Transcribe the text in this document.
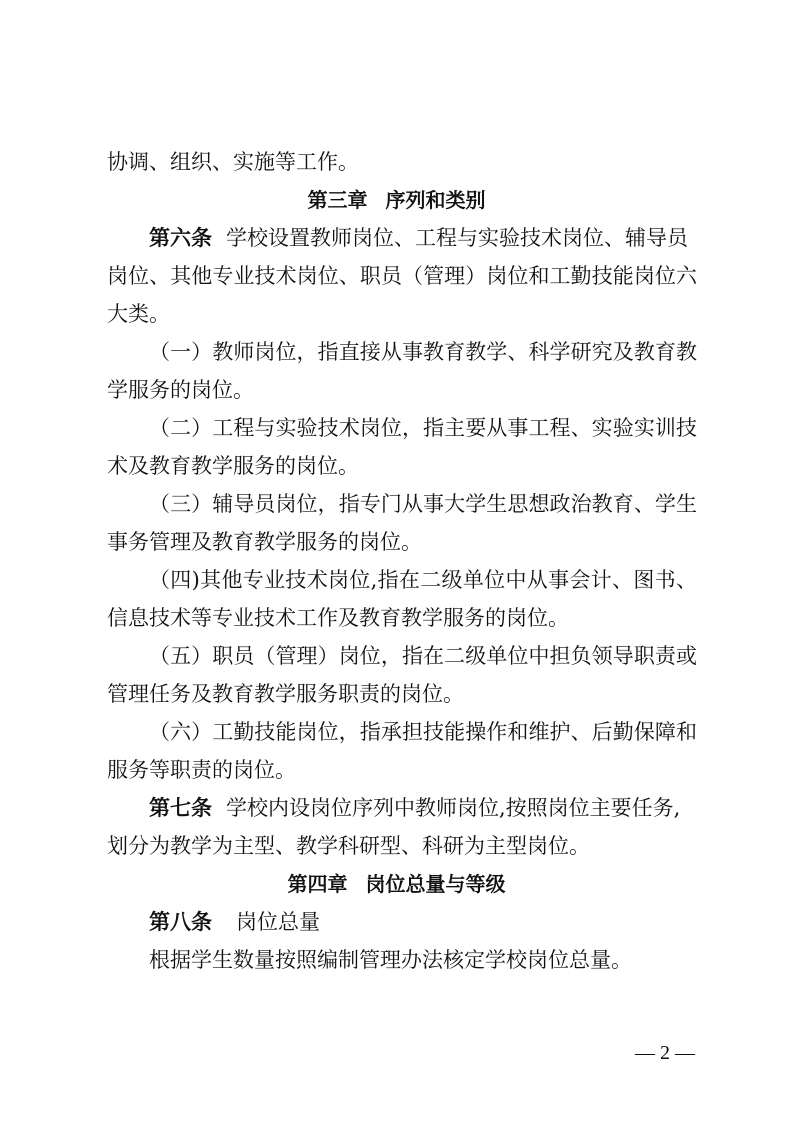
协调、组织、实施等工作。
第三章 序列和类别
第六条 学校设置教师岗位、工程与实验技术岗位、辅导员
岗位、其他专业技术岗位、职员（管理）岗位和工勤技能岗位六
大类。
（一）教师岗位，指直接从事教育教学、科学研究及教育教
学服务的岗位。
（二）工程与实验技术岗位，指主要从事工程、实验实训技
术及教育教学服务的岗位。
（三）辅导员岗位，指专门从事大学生思想政治教育、学生
事务管理及教育教学服务的岗位。
（四)其他专业技术岗位,指在二级单位中从事会计、图书、
信息技术等专业技术工作及教育教学服务的岗位。
（五）职员（管理）岗位，指在二级单位中担负领导职责或
管理任务及教育教学服务职责的岗位。
（六）工勤技能岗位，指承担技能操作和维护、后勤保障和
服务等职责的岗位。
第七条 学校内设岗位序列中教师岗位,按照岗位主要任务,
划分为教学为主型、教学科研型、科研为主型岗位。
第四章 岗位总量与等级
第八条 岗位总量
根据学生数量按照编制管理办法核定学校岗位总量。
— 2 —
